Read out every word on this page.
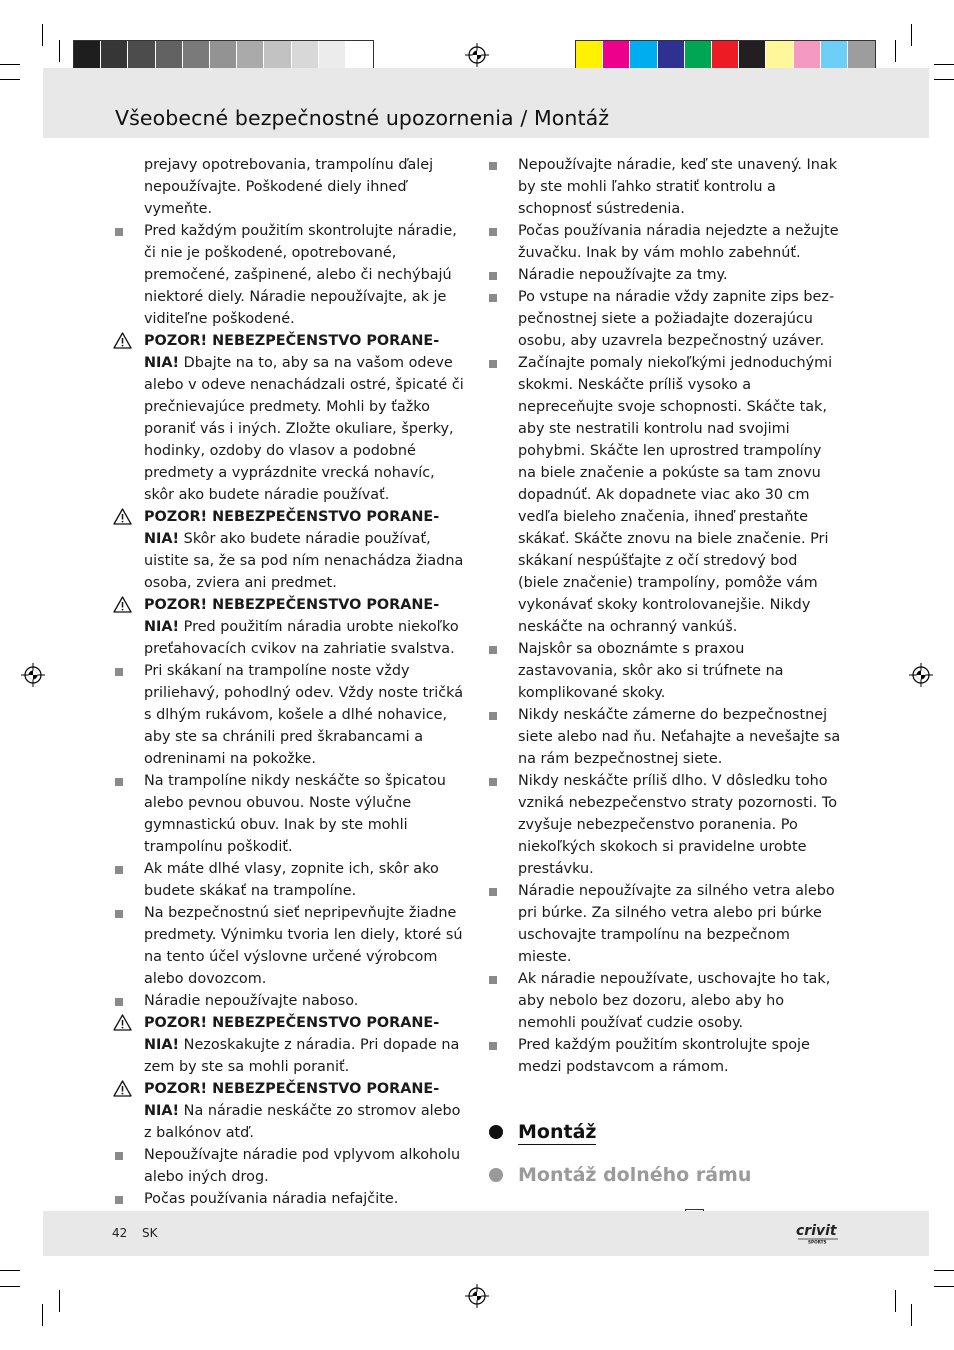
Všeobecné bezpečnostné upozornenia / Montáž
prejavy opotrebovania, trampolínu ďalej nepoužívajte. Poškodené diely ihneď vymeňte.
Pred každým použitím skontrolujte náradie, či nie je poškodené, opotrebované, premočené, zašpinené, alebo či nechýbajú niektoré diely. Náradie nepoužívajte, ak je viditeľne poškodené.
POZOR! NEBEZPEČENSTVO PORANENIA! Dbajte na to, aby sa na vašom odeve alebo v odeve nenachádzali ostré, špicaté či prečnievajúce predmety. Mohli by ťažko poraniť vás i iných. Zložte okuliare, šperky, hodinky, ozdoby do vlasov a podobné predmety a vyprázdnite vrecká nohavíc, skôr ako budete náradie používať.
POZOR! NEBEZPEČENSTVO PORANENIA! Skôr ako budete náradie používať, uistite sa, že sa pod ním nenachádza žiadna osoba, zviera ani predmet.
POZOR! NEBEZPEČENSTVO PORANENIA! Pred použitím náradia urobte niekoľko preťahovacích cvikov na zahriatie svalstva.
Pri skákaní na trampolíne noste vždy priliehavý, pohodlný odev. Vždy noste tričká s dlhým rukávom, košele a dlhé nohavice, aby ste sa chránili pred škrabancami a odreninami na pokožke.
Na trampolíne nikdy neskáčte so špicatou alebo pevnou obuvou. Noste výlučne gymnastickú obuv. Inak by ste mohli trampolínu poškodiť.
Ak máte dlhé vlasy, zopnite ich, skôr ako budete skákať na trampolíne.
Na bezpečnostnú sieť nepripevňujte žiadne predmety. Výnimku tvoria len diely, ktoré sú na tento účel výslovne určené výrobcom alebo dovozcom.
Náradie nepoužívajte naboso.
POZOR! NEBEZPEČENSTVO PORANENIA! Nezoskakujte z náradia. Pri dopade na zem by ste sa mohli poraniť.
POZOR! NEBEZPEČENSTVO PORANENIA! Na náradie neskáčte zo stromov alebo z balkónov atď.
Nepoužívajte náradie pod vplyvom alkoholu alebo iných drog.
Počas používania náradia nefajčite.
Nepoužívajte náradie, keď ste unavený. Inak by ste mohli ľahko stratiť kontrolu a schopnosť sústredenia.
Počas používania náradia nejedzte a nežujte žuvačku. Inak by vám mohlo zabehnúť.
Náradie nepoužívajte za tmy.
Po vstupe na náradie vždy zapnite zips bezpečnostnej siete a požiadajte dozerajúcu osobu, aby uzavrela bezpečnostný uzáver.
Začínajte pomaly niekoľkými jednoduchými skokmi. Neskáčte príliš vysoko a nepreceňujte svoje schopnosti. Skáčte tak, aby ste nestratili kontrolu nad svojimi pohybmi. Skáčte len uprostred trampolíny na biele značenie a pokúste sa tam znovu dopadnúť. Ak dopadnete viac ako 30 cm vedľa bieleho značenia, ihneď prestaňte skákať. Skáčte znovu na biele značenie. Pri skákaní nespúšťajte z očí stredový bod (biele značenie) trampolíny, pomôže vám vykonávať skoky kontrolovanejšie. Nikdy neskáčte na ochranný vankúš.
Najskôr sa oboznámte s praxou zastavovania, skôr ako si trúfnete na komplikované skoky.
Nikdy neskáčte zámerne do bezpečnostnej siete alebo nad ňu. Neťahajte a nevešajte sa na rám bezpečnostnej siete.
Nikdy neskáčte príliš dlho. V dôsledku toho vzniká nebezpečenstvo straty pozornosti. To zvyšuje nebezpečenstvo poranenia. Po niekoľkých skokoch si pravidelne urobte prestávku.
Náradie nepoužívajte za silného vetra alebo pri búrke. Za silného vetra alebo pri búrke uschovajte trampolínu na bezpečnom mieste.
Ak náradie nepoužívate, uschovajte ho tak, aby nebolo bez dozoru, alebo aby ho nemohli používať cudzie osoby.
Pred každým použitím skontrolujte spoje medzi podstavcom a rámom.
Montáž
Montáž dolného rámu
42 SK	crivit
SPORTS
